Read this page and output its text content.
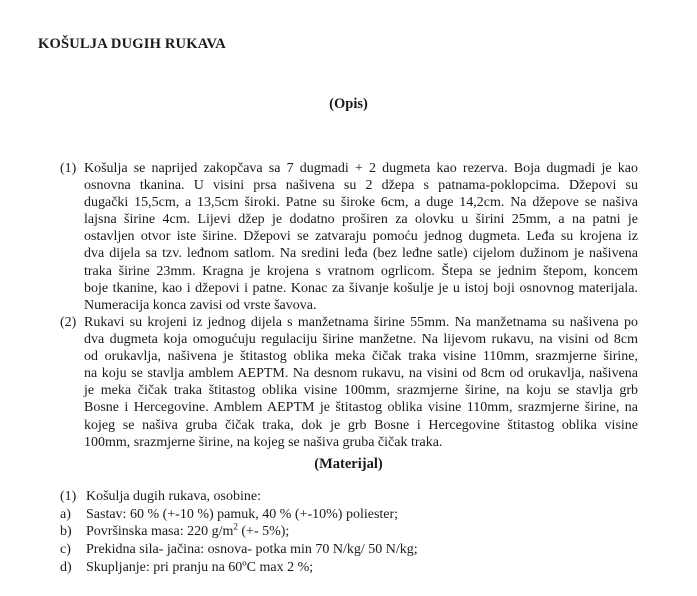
KOŠULJA DUGIH RUKAVA
(Opis)
(1) Košulja se naprijed zakopčava sa 7 dugmadi + 2 dugmeta kao rezerva. Boja dugmadi je kao
osnovna tkanina. U visini prsa našivena su 2 džepa s patnama-poklopcima. Džepovi su
dugački 15,5cm, a 13,5cm široki. Patne su široke 6cm, a duge 14,2cm. Na džepove se našiva
lajsna širine 4cm. Lijevi džep je dodatno proširen za olovku u širini 25mm, a na patni je
ostavljen otvor iste širine. Džepovi se zatvaraju pomoću jednog dugmeta. Leđa su krojena iz
dva dijela sa tzv. leđnom satlom. Na sredini leđa (bez leđne satle) cijelom dužinom je našivena
traka širine 23mm. Kragna je krojena s vratnom ogrlicom. Štepa se jednim štepom, koncem
boje tkanine, kao i džepovi i patne. Konac za šivanje košulje je u istoj boji osnovnog materijala.
Numeracija konca zavisi od vrste šavova.
(2) Rukavi su krojeni iz jednog dijela s manžetnama širine 55mm. Na manžetnama su našivena po
dva dugmeta koja omogućuju regulaciju širine manžetne. Na lijevom rukavu, na visini od 8cm
od orukavlja, našivena je štitastog oblika meka čičak traka visine 110mm, srazmjerne širine,
na koju se stavlja amblem AEPTM. Na desnom rukavu, na visini od 8cm od orukavlja, našivena
je meka čičak traka štitastog oblika visine 100mm, srazmjerne širine, na koju se stavlja grb
Bosne i Hercegovine. Amblem AEPTM je štitastog oblika visine 110mm, srazmjerne širine, na
kojeg se našiva gruba čičak traka, dok je grb Bosne i Hercegovine štitastog oblika visine
100mm, srazmjerne širine, na kojeg se našiva gruba čičak traka.
(Materijal)
(1) Košulja dugih rukava, osobine:
a) Sastav: 60 % (+-10 %) pamuk, 40 % (+-10%) poliester;
b) Površinska masa: 220 $g/m^2$ (+- 5%);
c) Prekidna sila- jačina: osnova- potka min 70 N/kg/ 50 N/kg;
d) Skupljanje: pri pranju na 60ºC max 2 %;
